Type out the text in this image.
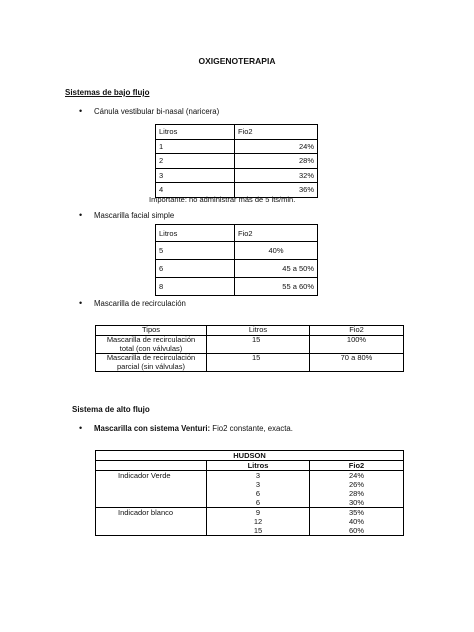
OXIGENOTERAPIA
Sistemas de bajo flujo
• Cánula vestibular bi-nasal (naricera)
Litros	Fio2
1	24%
2	28%
3	32%
4	36%
Importante: no administrar más de 5 lts/min.
• Mascarilla facial simple
Litros	Fio2
5	40%
6	45 a 50%
8	55 a 60%
• Mascarilla de recirculación
Tipos	Litros	Fio2
Mascarilla de recirculación total (con válvulas)	15	100%
Mascarilla de recirculación parcial (sin válvulas)	15	70 a 80%
Sistema de alto flujo
• Mascarilla con sistema Venturi: Fio2 constante, exacta.
HUDSON		
	Litros	Fio2
Indicador Verde	3	24%
	3	26%
	6	28%
	6	30%
Indicador blanco	9	35%
	12	40%
	15	60%
